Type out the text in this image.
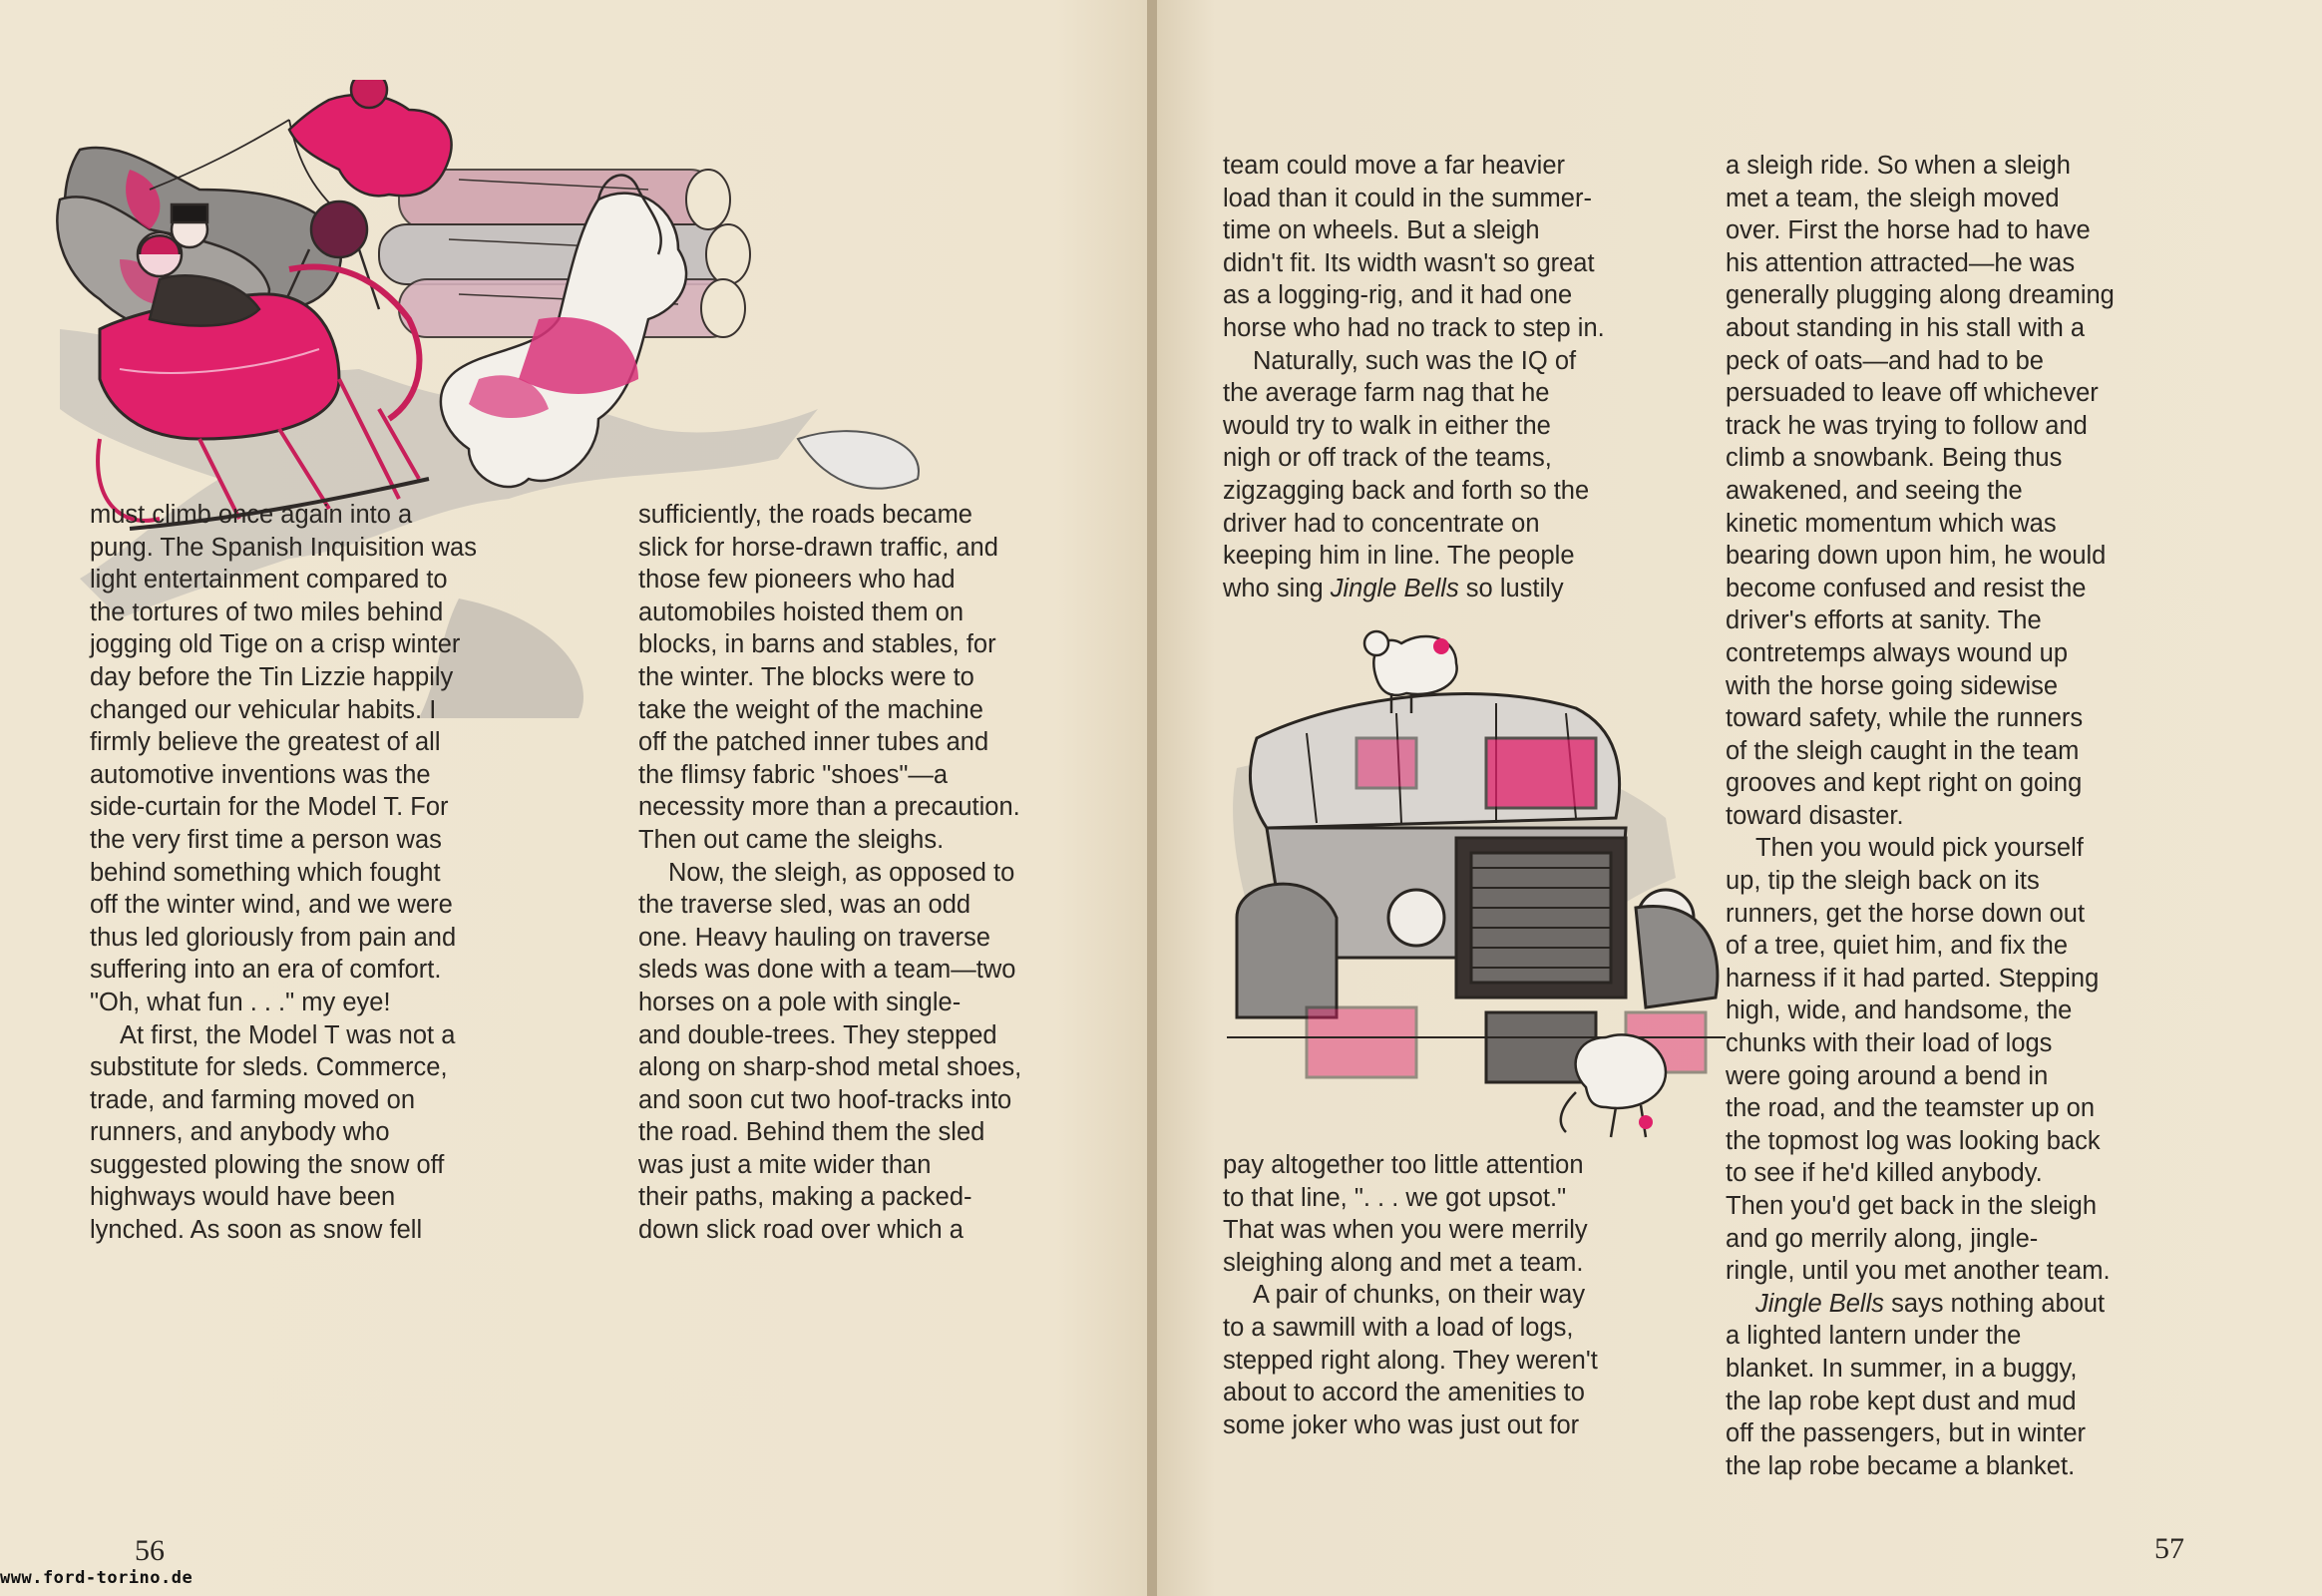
must climb once again into a
pung. The Spanish Inquisition was
light entertainment compared to
the tortures of two miles behind
jogging old Tige on a crisp winter
day before the Tin Lizzie happily
changed our vehicular habits. I
firmly believe the greatest of all
automotive inventions was the
side-curtain for the Model T. For
the very first time a person was
behind something which fought
off the winter wind, and we were
thus led gloriously from pain and
suffering into an era of comfort.
"Oh, what fun . . ." my eye!
At first, the Model T was not a
substitute for sleds. Commerce,
trade, and farming moved on
runners, and anybody who
suggested plowing the snow off
highways would have been
lynched. As soon as snow fell
sufficiently, the roads became
slick for horse-drawn traffic, and
those few pioneers who had
automobiles hoisted them on
blocks, in barns and stables, for
the winter. The blocks were to
take the weight of the machine
off the patched inner tubes and
the flimsy fabric "shoes"—a
necessity more than a precaution.
Then out came the sleighs.
Now, the sleigh, as opposed to
the traverse sled, was an odd
one. Heavy hauling on traverse
sleds was done with a team—two
horses on a pole with single-
and double-trees. They stepped
along on sharp-shod metal shoes,
and soon cut two hoof-tracks into
the road. Behind them the sled
was just a mite wider than
their paths, making a packed-
down slick road over which a
56
team could move a far heavier
load than it could in the summer-
time on wheels. But a sleigh
didn't fit. Its width wasn't so great
as a logging-rig, and it had one
horse who had no track to step in.
Naturally, such was the IQ of
the average farm nag that he
would try to walk in either the
nigh or off track of the teams,
zigzagging back and forth so the
driver had to concentrate on
keeping him in line. The people
who sing Jingle Bells so lustily
pay altogether too little attention
to that line, ". . . we got upsot."
That was when you were merrily
sleighing along and met a team.
A pair of chunks, on their way
to a sawmill with a load of logs,
stepped right along. They weren't
about to accord the amenities to
some joker who was just out for
a sleigh ride. So when a sleigh
met a team, the sleigh moved
over. First the horse had to have
his attention attracted—he was
generally plugging along dreaming
about standing in his stall with a
peck of oats—and had to be
persuaded to leave off whichever
track he was trying to follow and
climb a snowbank. Being thus
awakened, and seeing the
kinetic momentum which was
bearing down upon him, he would
become confused and resist the
driver's efforts at sanity. The
contretemps always wound up
with the horse going sidewise
toward safety, while the runners
of the sleigh caught in the team
grooves and kept right on going
toward disaster.
Then you would pick yourself
up, tip the sleigh back on its
runners, get the horse down out
of a tree, quiet him, and fix the
harness if it had parted. Stepping
high, wide, and handsome, the
chunks with their load of logs
were going around a bend in
the road, and the teamster up on
the topmost log was looking back
to see if he'd killed anybody.
Then you'd get back in the sleigh
and go merrily along, jingle-
ringle, until you met another team.
Jingle Bells says nothing about
a lighted lantern under the
blanket. In summer, in a buggy,
the lap robe kept dust and mud
off the passengers, but in winter
the lap robe became a blanket.
57
www.ford-torino.de
